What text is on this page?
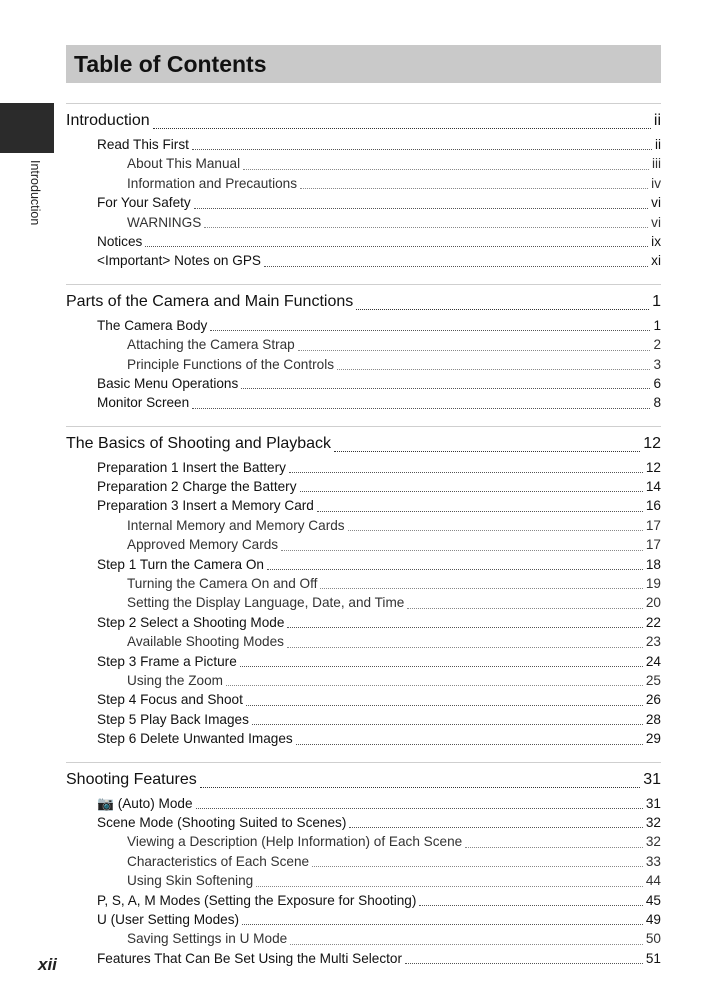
Table of Contents
Introduction
Introduction	ii
Read This First	ii
About This Manual	iii
Information and Precautions	iv
For Your Safety	vi
WARNINGS	vi
Notices	ix
<Important> Notes on GPS	xi
Parts of the Camera and Main Functions	1
The Camera Body	1
Attaching the Camera Strap	2
Principle Functions of the Controls	3
Basic Menu Operations	6
Monitor Screen	8
The Basics of Shooting and Playback	12
Preparation 1 Insert the Battery	12
Preparation 2 Charge the Battery	14
Preparation 3 Insert a Memory Card	16
Internal Memory and Memory Cards	17
Approved Memory Cards	17
Step 1 Turn the Camera On	18
Turning the Camera On and Off	19
Setting the Display Language, Date, and Time	20
Step 2 Select a Shooting Mode	22
Available Shooting Modes	23
Step 3 Frame a Picture	24
Using the Zoom	25
Step 4 Focus and Shoot	26
Step 5 Play Back Images	28
Step 6 Delete Unwanted Images	29
Shooting Features	31
📷 (Auto) Mode	31
Scene Mode (Shooting Suited to Scenes)	32
Viewing a Description (Help Information) of Each Scene	32
Characteristics of Each Scene	33
Using Skin Softening	44
P, S, A, M Modes (Setting the Exposure for Shooting)	45
U (User Setting Modes)	49
Saving Settings in U Mode	50
Features That Can Be Set Using the Multi Selector	51
xii
